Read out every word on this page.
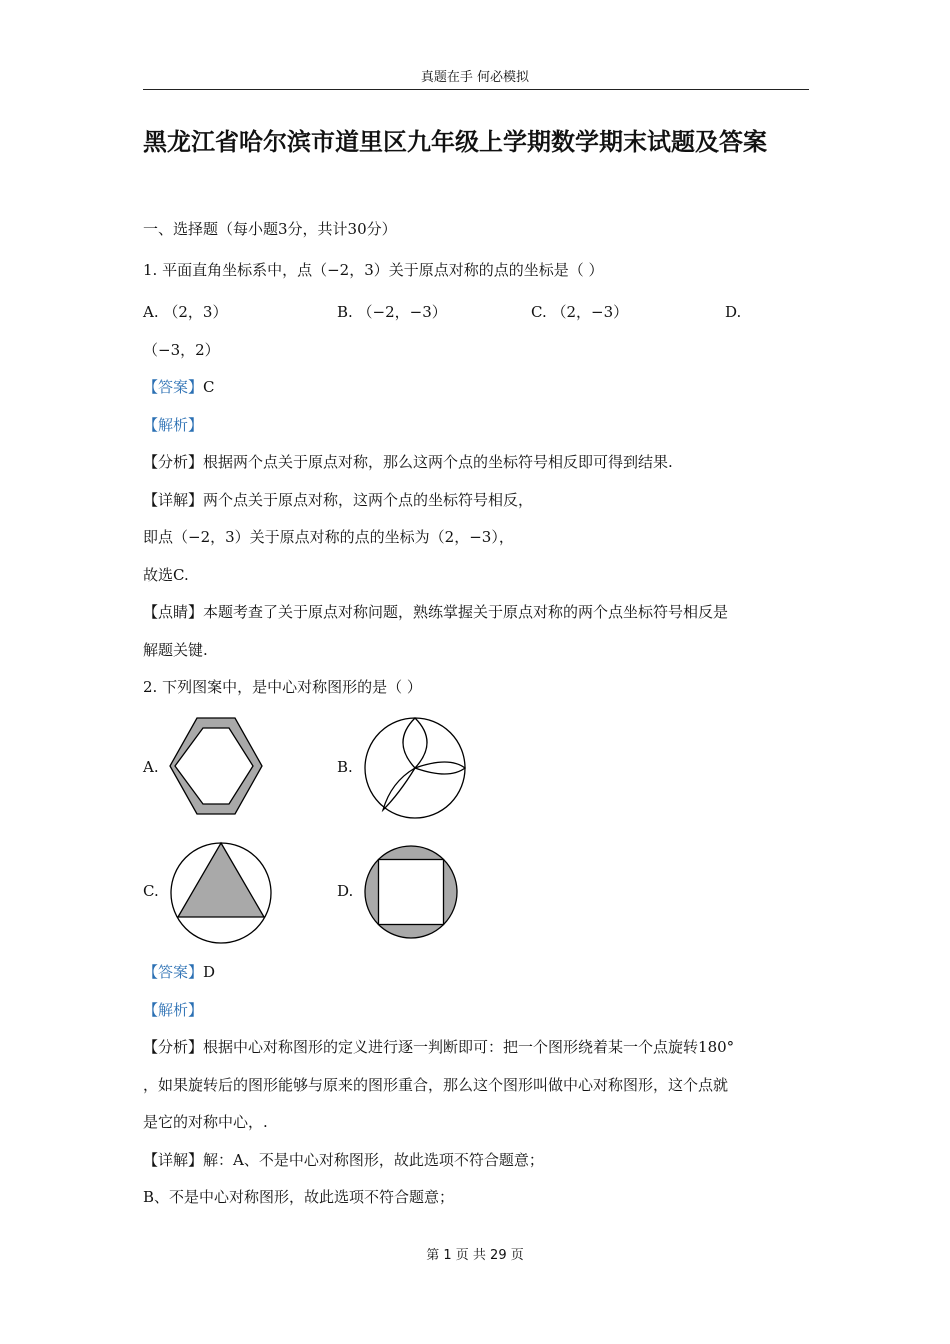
真题在手 何必模拟
黑龙江省哈尔滨市道里区九年级上学期数学期末试题及答案
一、选择题（每小题3分，共计30分）
1. 平面直角坐标系中，点（−2，3）关于原点对称的点的坐标是（ ）
A. （2，3）	B. （−2，−3）	C. （2，−3）	D.
（−3，2）
【答案】C
【解析】
【分析】根据两个点关于原点对称，那么这两个点的坐标符号相反即可得到结果.
【详解】两个点关于原点对称，这两个点的坐标符号相反，
即点（−2，3）关于原点对称的点的坐标为（2，−3），
故选C.
【点睛】本题考查了关于原点对称问题，熟练掌握关于原点对称的两个点坐标符号相反是
解题关键.
2. 下列图案中，是中心对称图形的是（ ）
A.	B.
C.	D.
【答案】D
【解析】
【分析】根据中心对称图形的定义进行逐一判断即可：把一个图形绕着某一个点旋转180°
，如果旋转后的图形能够与原来的图形重合，那么这个图形叫做中心对称图形，这个点就
是它的对称中心，.
【详解】解：A、不是中心对称图形，故此选项不符合题意；
B、不是中心对称图形，故此选项不符合题意；
第 1 页 共 29 页
